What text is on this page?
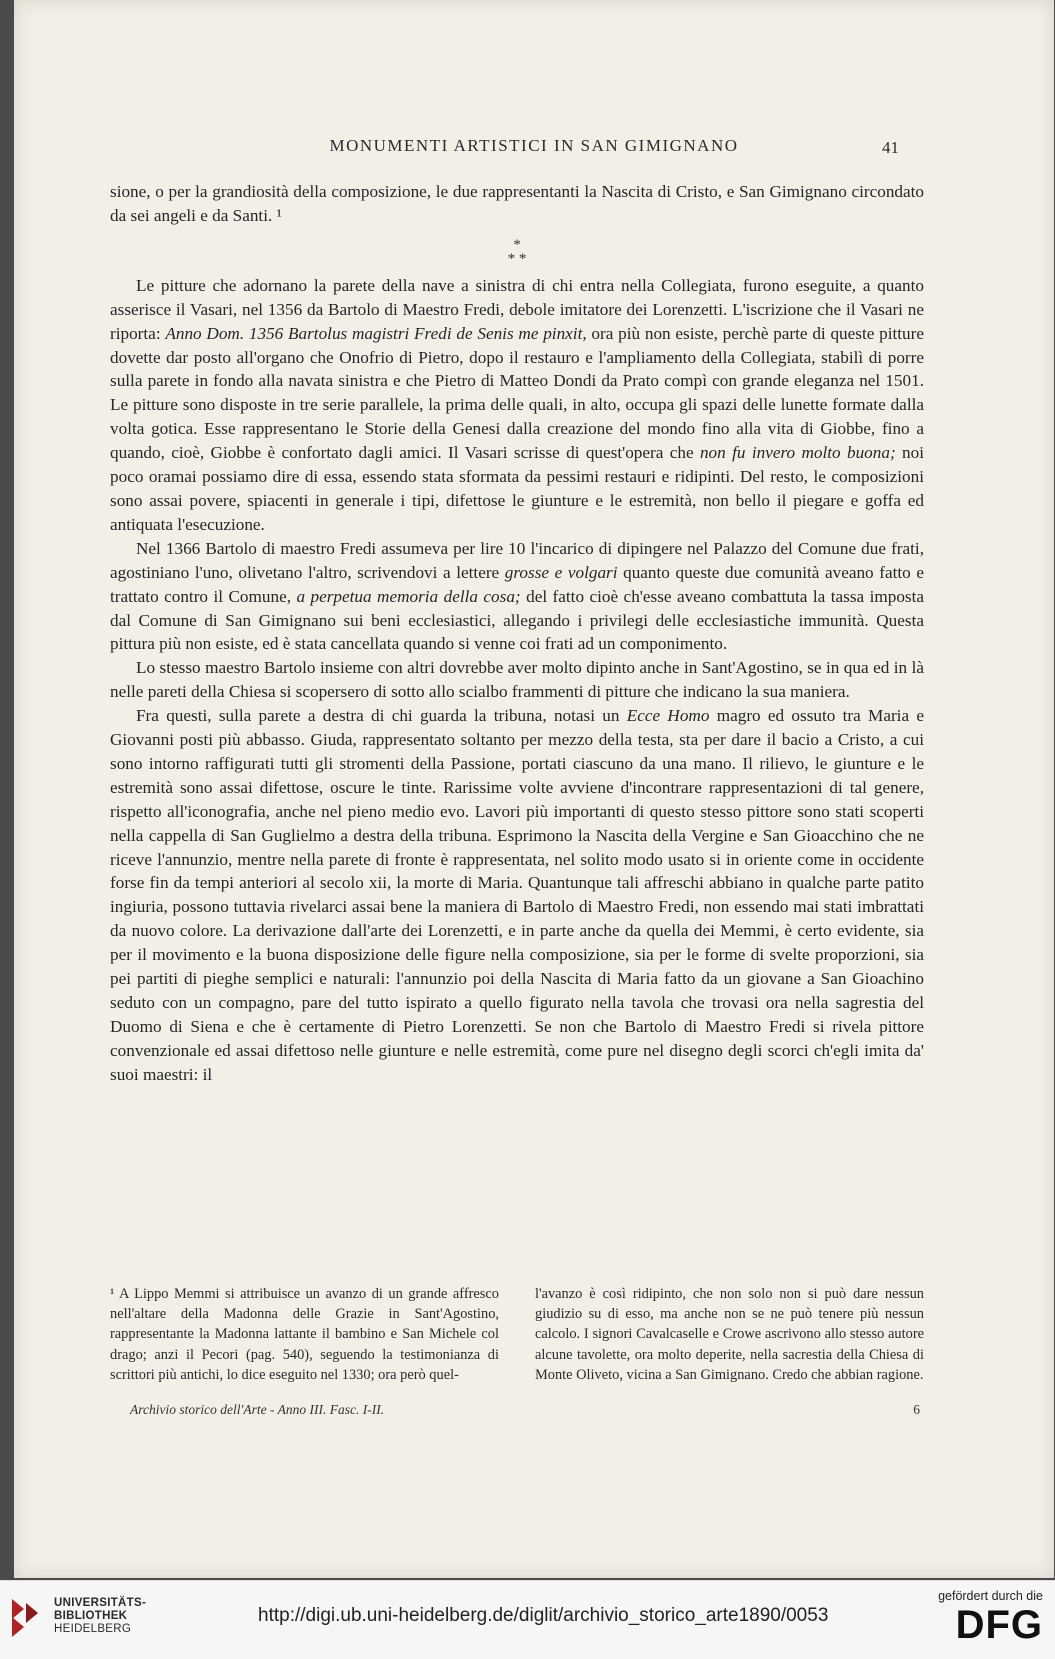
MONUMENTI ARTISTICI IN SAN GIMIGNANO	41

sione, o per la grandiosità della composizione, le due rappresentanti la Nascita di Cristo, e San Gimignano circondato da sei angeli e da Santi. ¹

*
* *

Le pitture che adornano la parete della nave a sinistra di chi entra nella Collegiata, furono eseguite, a quanto asserisce il Vasari, nel 1356 da Bartolo di Maestro Fredi, debole imitatore dei Lorenzetti. L'iscrizione che il Vasari ne riporta: Anno Dom. 1356 Bartolus magistri Fredi de Senis me pinxit, ora più non esiste, perchè parte di queste pitture dovette dar posto all'organo che Onofrio di Pietro, dopo il restauro e l'ampliamento della Collegiata, stabilì di porre sulla parete in fondo alla navata sinistra e che Pietro di Matteo Dondi da Prato compì con grande eleganza nel 1501. Le pitture sono disposte in tre serie parallele, la prima delle quali, in alto, occupa gli spazi delle lunette formate dalla volta gotica. Esse rappresentano le Storie della Genesi dalla creazione del mondo fino alla vita di Giobbe, fino a quando, cioè, Giobbe è confortato dagli amici. Il Vasari scrisse di quest'opera che non fu invero molto buona; noi poco oramai possiamo dire di essa, essendo stata sformata da pessimi restauri e ridipinti. Del resto, le composizioni sono assai povere, spiacenti in generale i tipi, difettose le giunture e le estremità, non bello il piegare e goffa ed antiquata l'esecuzione.

Nel 1366 Bartolo di maestro Fredi assumeva per lire 10 l'incarico di dipingere nel Palazzo del Comune due frati, agostiniano l'uno, olivetano l'altro, scrivendovi a lettere grosse e volgari quanto queste due comunità aveano fatto e trattato contro il Comune, a perpetua memoria della cosa; del fatto cioè ch'esse aveano combattuta la tassa imposta dal Comune di San Gimignano sui beni ecclesiastici, allegando i privilegi delle ecclesiastiche immunità. Questa pittura più non esiste, ed è stata cancellata quando si venne coi frati ad un componimento.

Lo stesso maestro Bartolo insieme con altri dovrebbe aver molto dipinto anche in Sant'Agostino, se in qua ed in là nelle pareti della Chiesa si scopersero di sotto allo scialbo frammenti di pitture che indicano la sua maniera.

Fra questi, sulla parete a destra di chi guarda la tribuna, notasi un Ecce Homo magro ed ossuto tra Maria e Giovanni posti più abbasso. Giuda, rappresentato soltanto per mezzo della testa, sta per dare il bacio a Cristo, a cui sono intorno raffigurati tutti gli stromenti della Passione, portati ciascuno da una mano. Il rilievo, le giunture e le estremità sono assai difettose, oscure le tinte. Rarissime volte avviene d'incontrare rappresentazioni di tal genere, rispetto all'iconografia, anche nel pieno medio evo. Lavori più importanti di questo stesso pittore sono stati scoperti nella cappella di San Guglielmo a destra della tribuna. Esprimono la Nascita della Vergine e San Gioacchino che ne riceve l'annunzio, mentre nella parete di fronte è rappresentata, nel solito modo usato si in oriente come in occidente forse fin da tempi anteriori al secolo xii, la morte di Maria. Quantunque tali affreschi abbiano in qualche parte patito ingiuria, possono tuttavia rivelarci assai bene la maniera di Bartolo di Maestro Fredi, non essendo mai stati imbrattati da nuovo colore. La derivazione dall'arte dei Lorenzetti, e in parte anche da quella dei Memmi, è certo evidente, sia per il movimento e la buona disposizione delle figure nella composizione, sia per le forme di svelte proporzioni, sia pei partiti di pieghe semplici e naturali: l'annunzio poi della Nascita di Maria fatto da un giovane a San Gioachino seduto con un compagno, pare del tutto ispirato a quello figurato nella tavola che trovasi ora nella sagrestia del Duomo di Siena e che è certamente di Pietro Lorenzetti. Se non che Bartolo di Maestro Fredi si rivela pittore convenzionale ed assai difettoso nelle giunture e nelle estremità, come pure nel disegno degli scorci ch'egli imita da' suoi maestri: il

¹ A Lippo Memmi si attribuisce un avanzo di un grande affresco nell'altare della Madonna delle Grazie in Sant'Agostino, rappresentante la Madonna lattante il bambino e San Michele col drago; anzi il Pecori (pag. 540), seguendo la testimonianza di scrittori più antichi, lo dice eseguito nel 1330; ora però quel-
l'avanzo è così ridipinto, che non solo non si può dare nessun giudizio su di esso, ma anche non se ne può tenere più nessun calcolo. I signori Cavalcaselle e Crowe ascrivono allo stesso autore alcune tavolette, ora molto deperite, nella sacrestia della Chiesa di Monte Oliveto, vicina a San Gimignano. Credo che abbian ragione.
Archivio storico dell'Arte - Anno III. Fasc. I-II.	6
UNIVERSITÄTS-
BIBLIOTHEK
HEIDELBERG
http://digi.ub.uni-heidelberg.de/diglit/archivio_storico_arte1890/0053
gefördert durch die
DFG
